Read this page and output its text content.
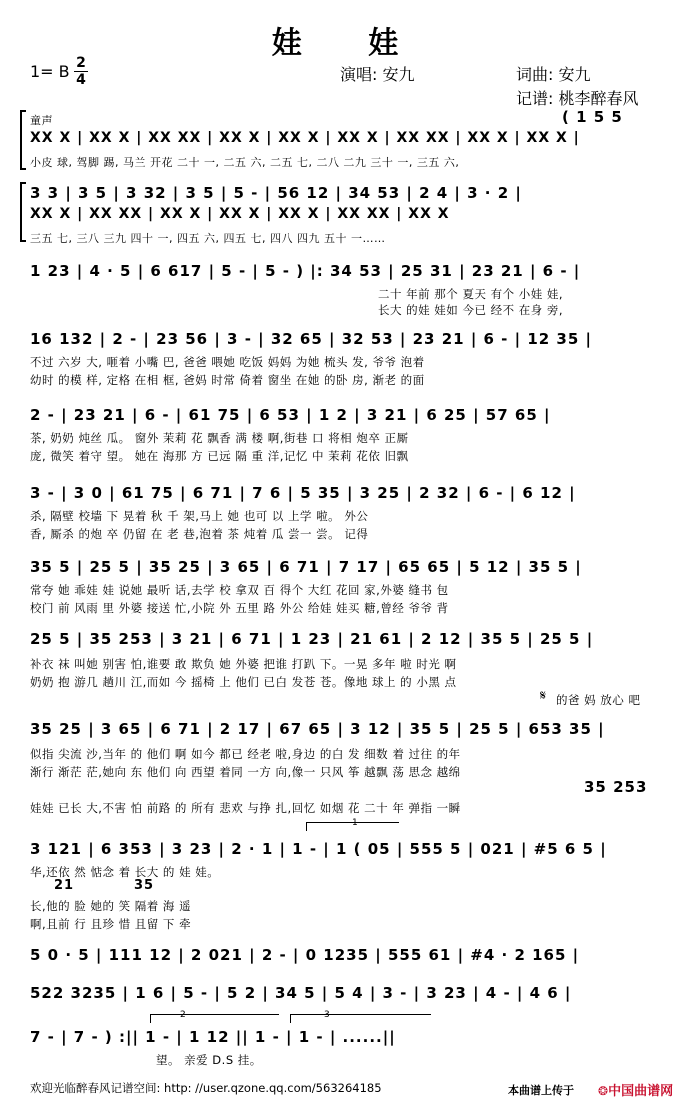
娃 娃
1= B 2
4	演唱: 安九	词曲: 安九
记谱: 桃李醉春风
童声	( 1 5 5
XX X | XX X | XX XX | XX X | XX X | XX X | XX XX | XX X | XX X |
小皮 球, 驾脚 踢, 马兰 开花 二十 一, 二五 六, 二五 七, 二八 二九 三十 一, 三五 六,
3 3 | 3 5 | 3 32 | 3 5 | 5 - | 56 12 | 34 53 | 2 4 | 3 · 2 |
XX X | XX XX | XX X | XX X | XX X | XX XX | XX X
三五 七, 三八 三九 四十 一, 四五 六, 四五 七, 四八 四九 五十 一……
1 23 | 4 · 5 | 6 617 | 5 - | 5 - ) |: 34 53 | 25 31 | 23 21 | 6 - |
二十 年前 那个 夏天 有个 小娃 娃,
长大 的娃 娃如 今已 经不 在身 旁,
16 132 | 2 - | 23 56 | 3 - | 32 65 | 32 53 | 23 21 | 6 - | 12 35 |
不过 六岁 大, 咂着 小嘴 巴, 爸爸 喂她 吃饭 妈妈 为她 梳头 发, 爷爷 泡着
幼时 的模 样, 定格 在相 框, 爸妈 时常 倚着 窗坐 在她 的卧 房, 渐老 的面
2 - | 23 21 | 6 - | 61 75 | 6 53 | 1 2 | 3 21 | 6 25 | 57 65 |
茶, 奶奶 炖丝 瓜。 窗外 茉莉 花 飘香 满 楼 啊,街巷 口 将相 炮卒 正厮
庞, 微笑 着守 望。 她在 海那 方 已远 隔 重 洋,记忆 中 茉莉 花依 旧飘
3 - | 3 0 | 61 75 | 6 71 | 7 6 | 5 35 | 3 25 | 2 32 | 6 - | 6 12 |
杀, 隔壁 校墙 下 晃着 秋 千 架,马上 她 也可 以 上学 啦。 外公
香, 厮杀 的炮 卒 仍留 在 老 巷,泡着 茶 炖着 瓜 尝一 尝。 记得
35 5 | 25 5 | 35 25 | 3 65 | 6 71 | 7 17 | 65 65 | 5 12 | 35 5 |
常夸 她 乖娃 娃 说她 最听 话,去学 校 拿双 百 得个 大红 花回 家,外婆 缝书 包
校门 前 风雨 里 外婆 接送 忙,小院 外 五里 路 外公 给娃 娃买 糖,曾经 爷爷 背
25 5 | 35 253 | 3 21 | 6 71 | 1 23 | 21 61 | 2 12 | 35 5 | 25 5 |
补衣 袜 叫她 别害 怕,谁要 敢 欺负 她 外婆 把谁 打趴 下。一晃 多年 啦 时光 啊
奶奶 抱 游几 趟川 江,而如 今 摇椅 上 他们 已白 发苍 苍。像地 球上 的 小黑 点
𝄋 的爸 妈 放心 吧
35 25 | 3 65 | 6 71 | 2 17 | 67 65 | 3 12 | 35 5 | 25 5 | 653 35 |
似指 尖流 沙,当年 的 他们 啊 如今 都已 经老 啦,身边 的白 发 细数 着 过往 的年
渐行 渐茫 茫,她向 东 他们 向 西望 着同 一方 向,像一 只风 筝 越飘 荡 思念 越绵
35 253
娃娃 已长 大,不害 怕 前路 的 所有 悲欢 与挣 扎,回忆 如烟 花 二十 年 弹指 一瞬
1
3 121 | 6 353 | 3 23 | 2 · 1 | 1 - | 1 ( 05 | 555 5 | 021 | #5 6 5 |
华,还依 然 惦念 着 长大 的 娃 娃。
21	35
长,他的 脸 她的 笑 隔着 海 遥
啊,且前 行 且珍 惜 且留 下 牵
5 0 · 5 | 111 12 | 2 021 | 2 - | 0 1235 | 555 61 | #4 · 2 165 |
522 3235 | 1 6 | 5 - | 5 2 | 34 5 | 5 4 | 3 - | 3 23 | 4 - | 4 6 |
2	3
7 - | 7 - ) :|| 1 - | 1 12 || 1 - | 1 - | ......||
望。 亲爱 D.S 挂。
欢迎光临醉春风记谱空间: http: //user.qzone.qq.com/563264185	本曲谱上传于 ❂中国曲谱网
